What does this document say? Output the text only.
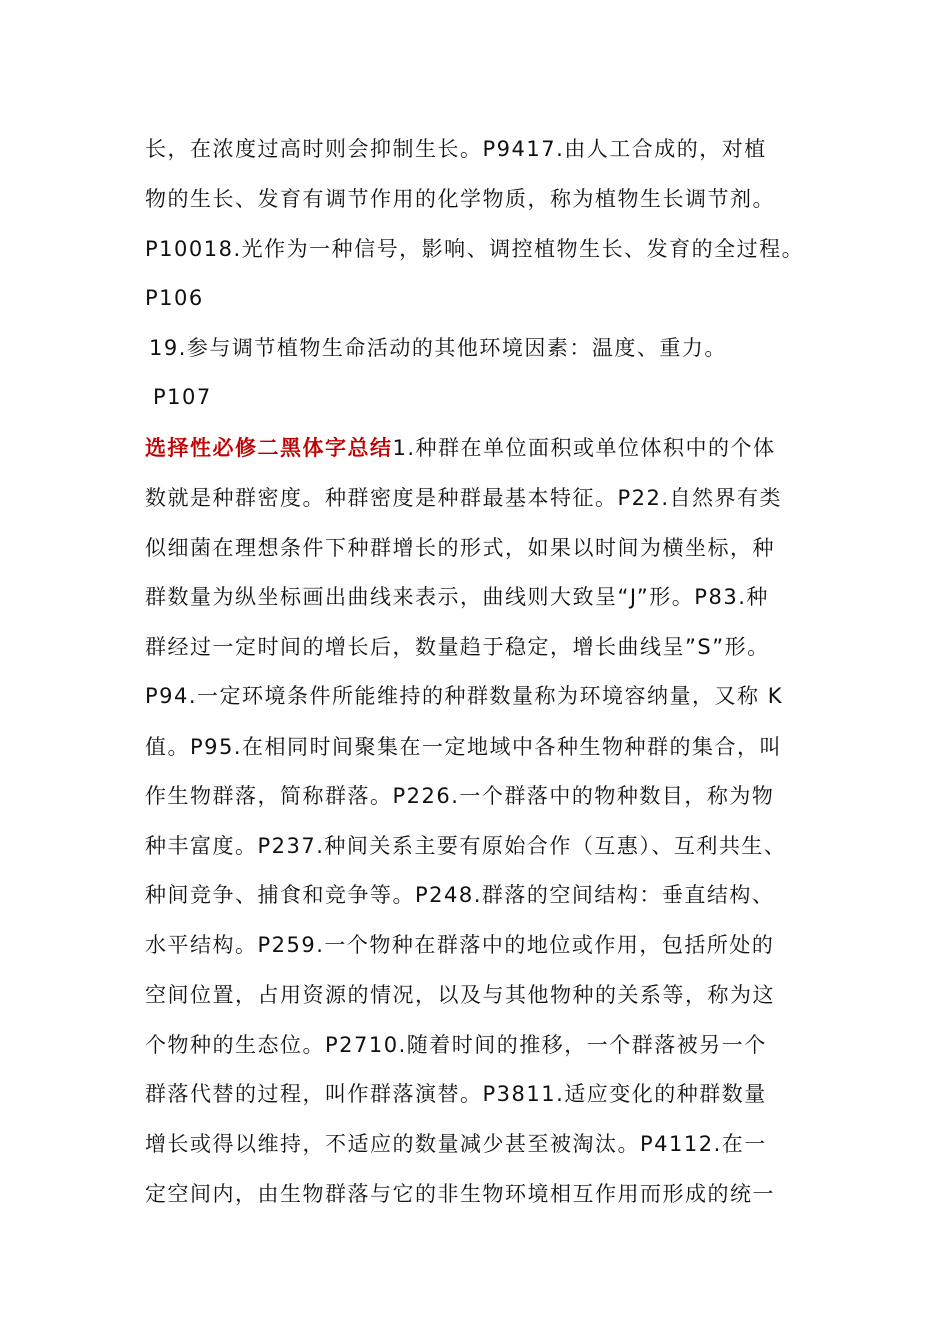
长，在浓度过高时则会抑制生长。P9417.由人工合成的，对植
物的生长、发育有调节作用的化学物质，称为植物生长调节剂。
P10018.光作为一种信号，影响、调控植物生长、发育的全过程。
P106
19.参与调节植物生命活动的其他环境因素：温度、重力。
P107
选择性必修二黑体字总结1.种群在单位面积或单位体积中的个体
数就是种群密度。种群密度是种群最基本特征。P22.自然界有类
似细菌在理想条件下种群增长的形式，如果以时间为横坐标，种
群数量为纵坐标画出曲线来表示，曲线则大致呈“J”形。P83.种
群经过一定时间的增长后，数量趋于稳定，增长曲线呈”S”形。
P94.一定环境条件所能维持的种群数量称为环境容纳量，又称 K
值。P95.在相同时间聚集在一定地域中各种生物种群的集合，叫
作生物群落，简称群落。P226.一个群落中的物种数目，称为物
种丰富度。P237.种间关系主要有原始合作（互惠）、互利共生、
种间竞争、捕食和竞争等。P248.群落的空间结构：垂直结构、
水平结构。P259.一个物种在群落中的地位或作用，包括所处的
空间位置，占用资源的情况，以及与其他物种的关系等，称为这
个物种的生态位。P2710.随着时间的推移，一个群落被另一个
群落代替的过程，叫作群落演替。P3811.适应变化的种群数量
增长或得以维持，不适应的数量减少甚至被淘汰。P4112.在一
定空间内，由生物群落与它的非生物环境相互作用而形成的统一
